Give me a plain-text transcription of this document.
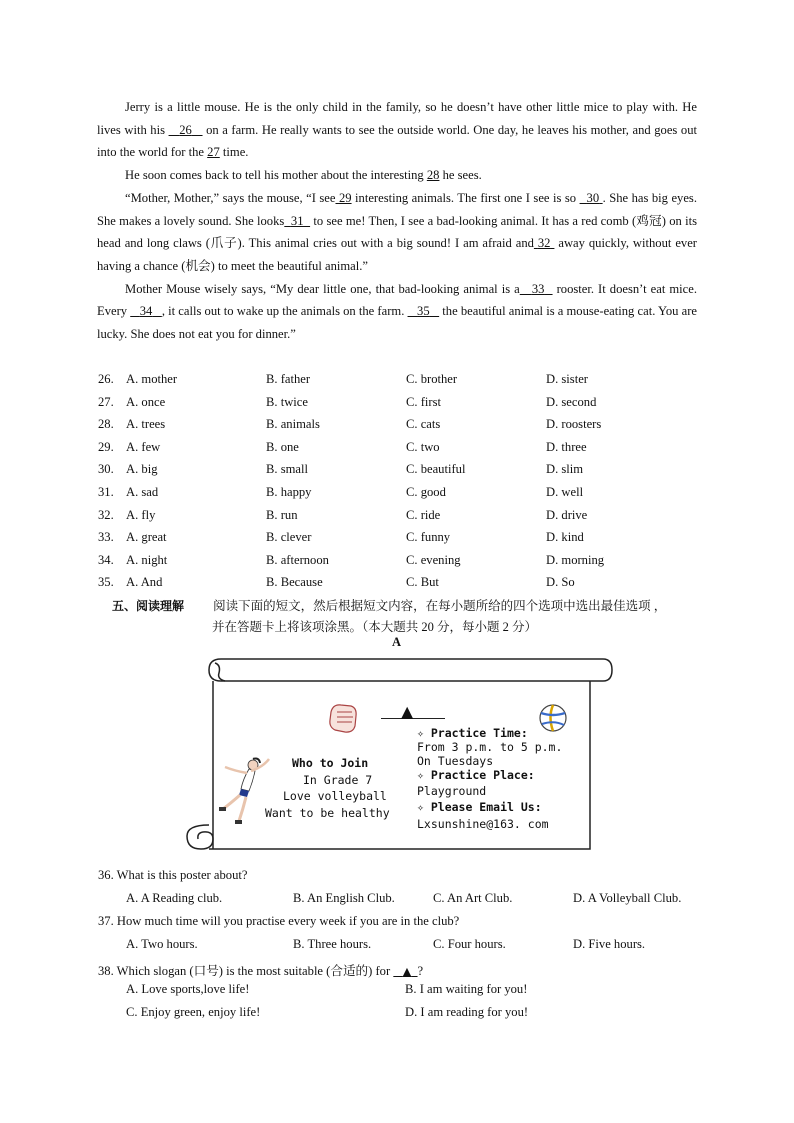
Jerry is a little mouse. He is the only child in the family, so he doesn’t have other little mice to play with. He lives with his    26    on a farm. He really wants to see the outside world. One day, he leaves his mother, and goes out into the world for the 27 time.

He soon comes back to tell his mother about the interesting 28 he sees.

“Mother, Mother,” says the mouse, “I see 29 interesting animals. The first one I see is so   30 . She has big eyes. She makes a lovely sound. She looks 31   to see me! Then, I see a bad-looking animal. It has a red comb (鸡冠) on its head and long claws (爪子). This animal cries out with a big sound! I am afraid and 32  away quickly, without ever having a chance (机会) to meet the beautiful animal.”

Mother Mouse wisely says, “My dear little one, that bad-looking animal is a 33   rooster. It doesn’t eat mice. Every    34 , it calls out to wake up the animals on the farm.    35    the beautiful animal is a mouse-eating cat. You are lucky. She does not eat you for dinner.”

26. A. mother	B. father	C. brother	D. sister
27. A. once	B. twice	C. first	D. second
28. A. trees	B. animals	C. cats	D. roosters
29. A. few	B. one	C. two	D. three
30. A. big	B. small	C. beautiful	D. slim
31. A. sad	B. happy	C. good	D. well
32. A. fly	B. run	C. ride	D. drive
33. A. great	B. clever	C. funny	D. kind
34. A. night	B. afternoon	C. evening	D. morning
35. A. And	B. Because	C. But	D. So
五、阅读理解 阅读下面的短文，然后根据短文内容，在每小题所给的四个选项中选出最佳选项 ，
并在答题卡上将该项涂黑。（本大题共 20 分，每小题 2 分）
A
▲
Who to Join
In Grade 7
Love volleyball
Want to be healthy
✧ Practice Time:
From 3 p.m. to 5 p.m.
On Tuesdays
✧ Practice Place:
Playground
✧ Please Email Us:
Lxsunshine@163. com
36. What is this poster about?
A. A Reading club.	B. An English Club.	C. An Art Club.	D. A Volleyball Club.
37. How much time will you practise every week if you are in the club?
A. Two hours.	B. Three hours.	C. Four hours.	D. Five hours.
38. Which slogan (口号) is the most suitable (合适的) for    ▲ ?
A. Love sports,love life!	B. I am waiting for you!
C. Enjoy green, enjoy life!	D. I am reading for you!
